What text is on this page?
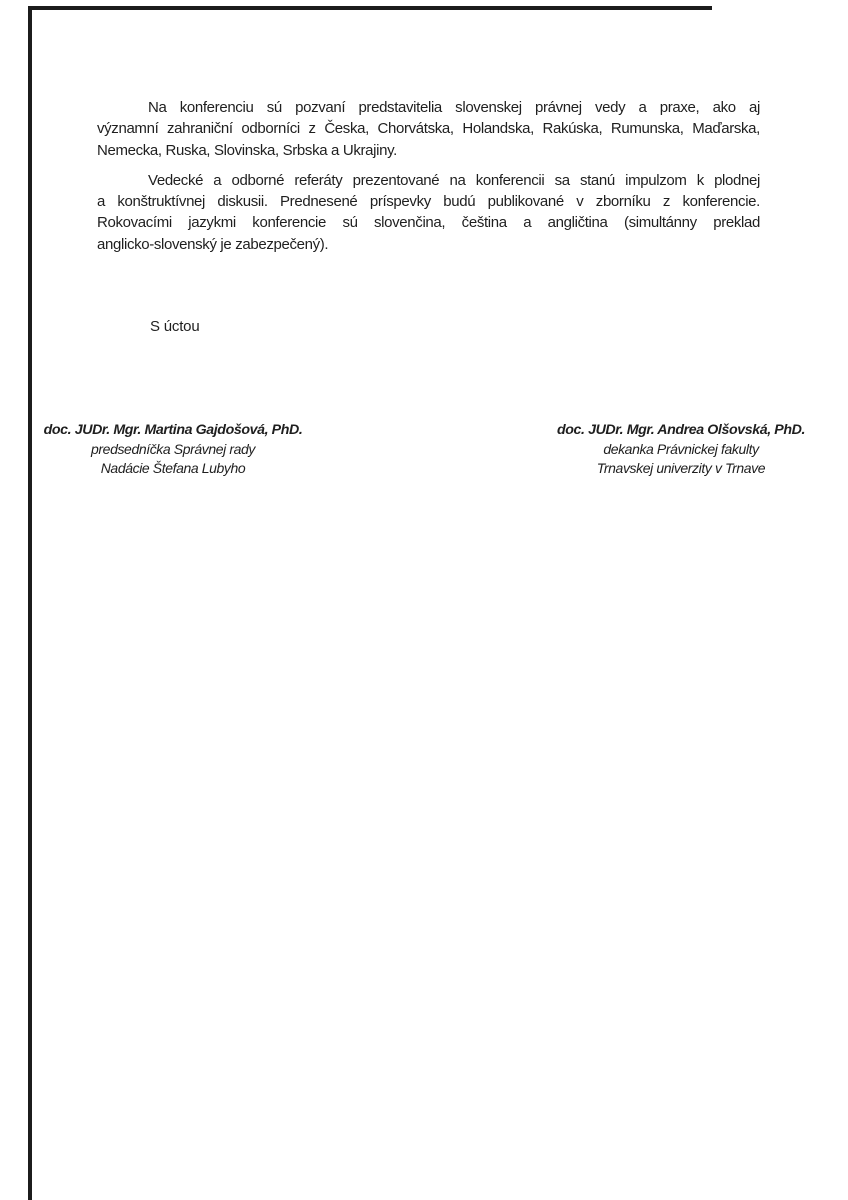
Na konferenciu sú pozvaní predstavitelia slovenskej právnej vedy a praxe, ako aj
významní zahraniční odborníci z Česka, Chorvátska, Holandska, Rakúska, Rumunska, Maďarska,
Nemecka, Ruska, Slovinska, Srbska a Ukrajiny.
Vedecké a odborné referáty prezentované na konferencii sa stanú impulzom k plodnej
a konštruktívnej diskusii. Prednesené príspevky budú publikované v zborníku z konferencie.
Rokovacími jazykmi konferencie sú slovenčina, čeština a angličtina (simultánny preklad
anglicko-slovenský je zabezpečený).
S úctou
doc. JUDr. Mgr. Martina Gajdošová, PhD.
predsedníčka Správnej rady
Nadácie Štefana Lubyho
doc. JUDr. Mgr. Andrea Olšovská, PhD.
dekanka Právnickej fakulty
Trnavskej univerzity v Trnave
